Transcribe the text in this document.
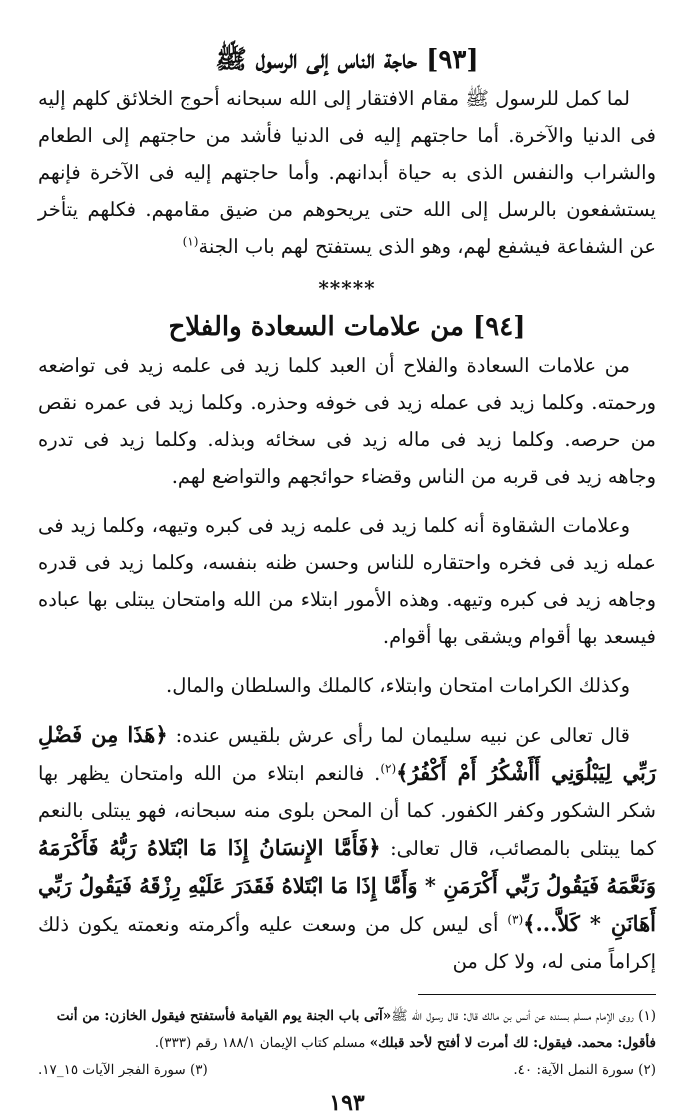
[٩٣] حاجة الناس إلى الرسول ﷺ

لما كمل للرسول ﷺ مقام الافتقار إلى الله سبحانه أحوج الخلائق كلهم إليه فى الدنيا والآخرة. أما حاجتهم إليه فى الدنيا فأشد من حاجتهم إلى الطعام والشراب والنفس الذى به حياة أبدانهم. وأما حاجتهم إليه فى الآخرة فإنهم يستشفعون بالرسل إلى الله حتى يريحوهم من ضيق مقامهم. فكلهم يتأخر عن الشفاعة فيشفع لهم، وهو الذى يستفتح لهم باب الجنة$^{(١)}$

*****
[٩٤] من علامات السعادة والفلاح

من علامات السعادة والفلاح أن العبد كلما زيد فى علمه زيد فى تواضعه ورحمته. وكلما زيد فى عمله زيد فى خوفه وحذره. وكلما زيد فى عمره نقص من حرصه. وكلما زيد فى ماله زيد فى سخائه وبذله. وكلما زيد فى تدره وجاهه زيد فى قربه من الناس وقضاء حوائجهم والتواضع لهم.

وعلامات الشقاوة أنه كلما زيد فى علمه زيد فى كبره وتيهه، وكلما زيد فى عمله زيد فى فخره واحتقاره للناس وحسن ظنه بنفسه، وكلما زيد فى قدره وجاهه زيد فى كبره وتيهه. وهذه الأمور ابتلاء من الله وامتحان يبتلى بها عباده فيسعد بها أقوام ويشقى بها أقوام.

وكذلك الكرامات امتحان وابتلاء، كالملك والسلطان والمال.

قال تعالى عن نبيه سليمان لما رأى عرش بلقيس عنده: ﴿هَذَا مِن فَضْلِ رَبِّي لِيَبْلُوَنِي أَأَشْكُرُ أَمْ أَكْفُرُ﴾$^{(٢)}$. فالنعم ابتلاء من الله وامتحان يظهر بها شكر الشكور وكفر الكفور. كما أن المحن بلوى منه سبحانه، فهو يبتلى بالنعم كما يبتلى بالمصائب، قال تعالى: ﴿فَأَمَّا الإِنسَانُ إِذَا مَا ابْتَلاهُ رَبُّهُ فَأَكْرَمَهُ وَنَعَّمَهُ فَيَقُولُ رَبِّي أَكْرَمَنِ * وَأَمَّا إِذَا مَا ابْتَلاهُ فَقَدَرَ عَلَيْهِ رِزْقَهُ فَيَقُولُ رَبِّي أَهَانَنِ * كَلاَّ...﴾$^{(٣)}$ أى ليس كل من وسعت عليه وأكرمته ونعمته يكون ذلك إكراماً منى له، ولا كل من

(١) روى الإمام مسلم بسنده عن أنس بن مالك قال: قال رسول الله ﷺ«آتى باب الجنة يوم القيامة فأستفتح فيقول الخازن: من أنت فأقول: محمد. فيقول: لك أمرت لا أفتح لأحد قبلك» مسلم كتاب الإيمان ١٨٨/١ رقم (٣٣٣).

(٢) سورة النمل الآية: ٤٠.
(٣) سورة الفجر الآيات ١٥_١٧.
١٩٣
